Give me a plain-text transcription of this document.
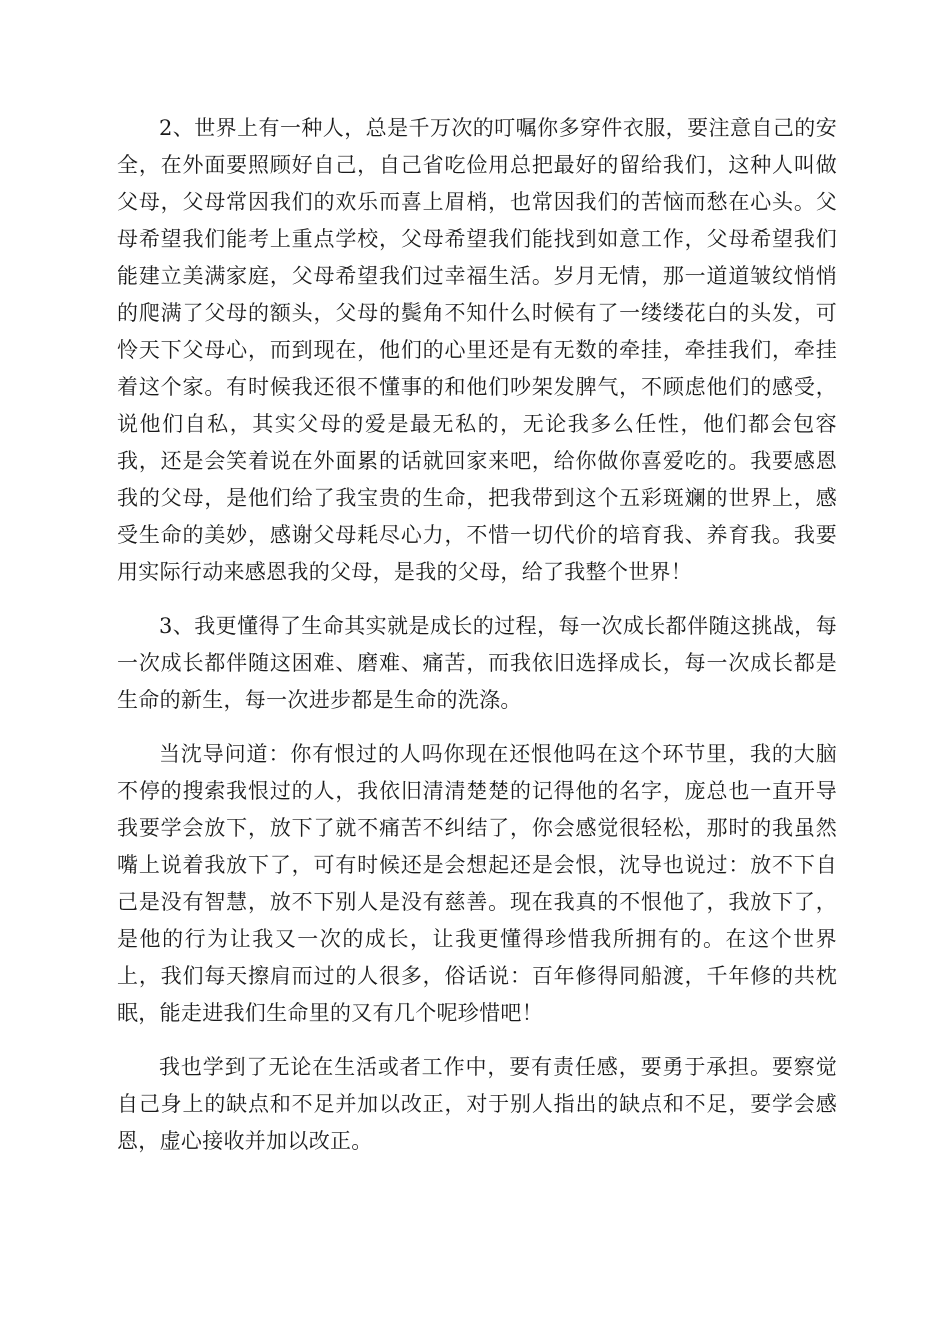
2、世界上有一种人，总是千万次的叮嘱你多穿件衣服，要注意自己的安全，在外面要照顾好自己，自己省吃俭用总把最好的留给我们，这种人叫做父母，父母常因我们的欢乐而喜上眉梢，也常因我们的苦恼而愁在心头。父母希望我们能考上重点学校，父母希望我们能找到如意工作，父母希望我们能建立美满家庭，父母希望我们过幸福生活。岁月无情，那一道道皱纹悄悄的爬满了父母的额头，父母的鬓角不知什么时候有了一缕缕花白的头发，可怜天下父母心，而到现在，他们的心里还是有无数的牵挂，牵挂我们，牵挂着这个家。有时候我还很不懂事的和他们吵架发脾气，不顾虑他们的感受，说他们自私，其实父母的爱是最无私的，无论我多么任性，他们都会包容我，还是会笑着说在外面累的话就回家来吧，给你做你喜爱吃的。我要感恩我的父母，是他们给了我宝贵的生命，把我带到这个五彩斑斓的世界上，感受生命的美妙，感谢父母耗尽心力，不惜一切代价的培育我、养育我。我要用实际行动来感恩我的父母，是我的父母，给了我整个世界！

3、我更懂得了生命其实就是成长的过程，每一次成长都伴随这挑战，每一次成长都伴随这困难、磨难、痛苦，而我依旧选择成长，每一次成长都是生命的新生，每一次进步都是生命的洗涤。

当沈导问道：你有恨过的人吗你现在还恨他吗在这个环节里，我的大脑不停的搜索我恨过的人，我依旧清清楚楚的记得他的名字，庞总也一直开导我要学会放下，放下了就不痛苦不纠结了，你会感觉很轻松，那时的我虽然嘴上说着我放下了，可有时候还是会想起还是会恨，沈导也说过：放不下自己是没有智慧，放不下别人是没有慈善。现在我真的不恨他了，我放下了，是他的行为让我又一次的成长，让我更懂得珍惜我所拥有的。在这个世界上，我们每天擦肩而过的人很多，俗话说：百年修得同船渡，千年修的共枕眠，能走进我们生命里的又有几个呢珍惜吧！

我也学到了无论在生活或者工作中，要有责任感，要勇于承担。要察觉自己身上的缺点和不足并加以改正，对于别人指出的缺点和不足，要学会感恩，虚心接收并加以改正。
